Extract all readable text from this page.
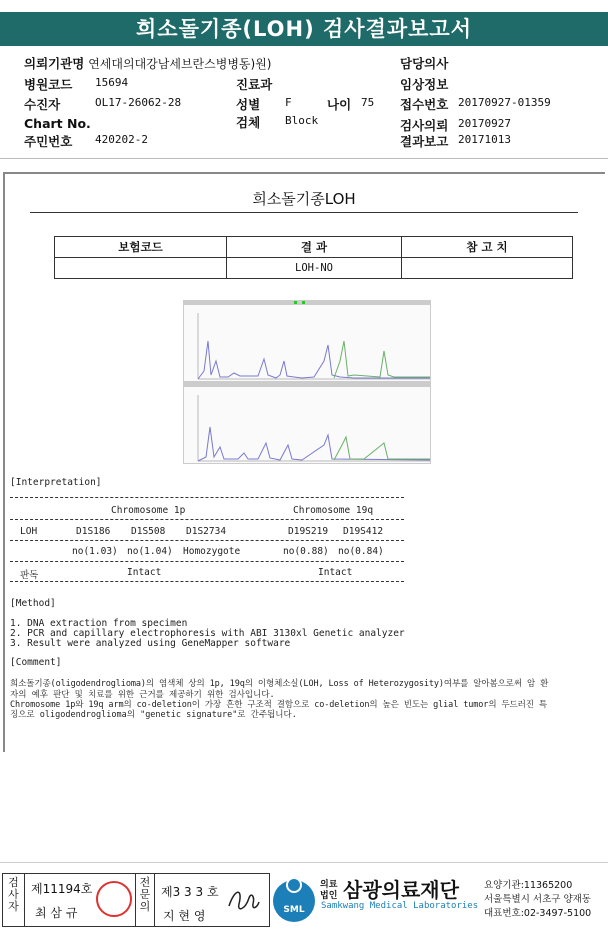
희소돌기종(LOH) 검사결과보고서
의뢰기관명 연세대의대강남세브란스병병동)원)
병원코드 15694	진료과
수진자	OL17-26062-28	성별 F	나이 75
Chart No.	검체 Block
주민번호 420202-2
담당의사
임상정보
접수번호 20170927-01359
검사의뢰 20170927
결과보고 20171013
희소돌기종LOH
보험코드	결 과	참 고 치
	LOH-NO	
[Interpretation]
Chromosome 1p	Chromosome 19q
LOH	D1S186 D1S508 D1S2734	D19S219 D19S412
no(1.03) no(1.04) Homozygote	no(0.88) no(0.84)
판독	Intact	Intact
[Method]
1. DNA extraction from specimen
2. PCR and capillary electrophoresis with ABI 3130xl Genetic analyzer
3. Result were analyzed using GeneMapper software
[Comment]
희소돌기종(oligodendroglioma)의 염색체 상의 1p, 19q의 이형체소실(LOH, Loss of Heterozygosity)여부를 알아봄으로써 암 환
자의 예후 판단 및 치료를 위한 근거를 제공하기 위한 검사입니다.
Chromosome 1p와 19q arm의 co-deletion이 가장 흔한 구조적 결함으로 co-deletion의 높은 빈도는 glial tumor의 두드러진 특
징으로 oligodendroglioma의 "genetic signature"로 간주됩니다.
검사자
제11194호
최 삼 규
전문의
제3 3 3 호
지 현 영	SML
의료법인 삼광의료재단
Samkwang Medical Laboratories
요양기관:11365200
서울특별시 서초구 양재동
대표번호:02-3497-5100
